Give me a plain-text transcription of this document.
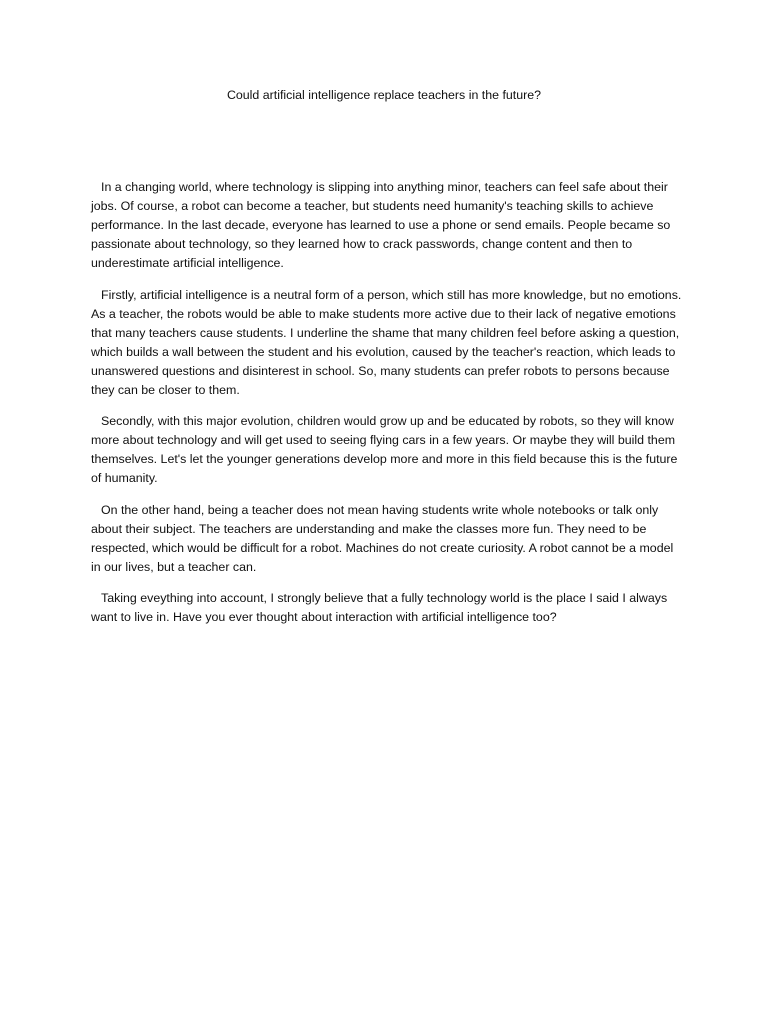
Could artificial intelligence replace teachers in the future?

In a changing world, where technology is slipping into anything minor, teachers can feel safe about their jobs. Of course, a robot can become a teacher, but students need humanity's teaching skills to achieve performance. In the last decade, everyone has learned to use a phone or send emails. People became so passionate about technology, so they learned how to crack passwords, change content and then to underestimate artificial intelligence.

Firstly, artificial intelligence is a neutral form of a person, which still has more knowledge, but no emotions. As a teacher, the robots would be able to make students more active due to their lack of negative emotions that many teachers cause students. I underline the shame that many children feel before asking a question, which builds a wall between the student and his evolution, caused by the teacher's reaction, which leads to unanswered questions and disinterest in school. So, many students can prefer robots to persons because they can be closer to them.

Secondly, with this major evolution, children would grow up and be educated by robots, so they will know more about technology and will get used to seeing flying cars in a few years. Or maybe they will build them themselves. Let's let the younger generations develop more and more in this field because this is the future of humanity.

On the other hand, being a teacher does not mean having students write whole notebooks or talk only about their subject. The teachers are understanding and make the classes more fun. They need to be respected, which would be difficult for a robot. Machines do not create curiosity. A robot cannot be a model in our lives, but a teacher can.

Taking eveything into account, I strongly believe that a fully technology world is the place I said I always want to live in. Have you ever thought about interaction with artificial intelligence too?
